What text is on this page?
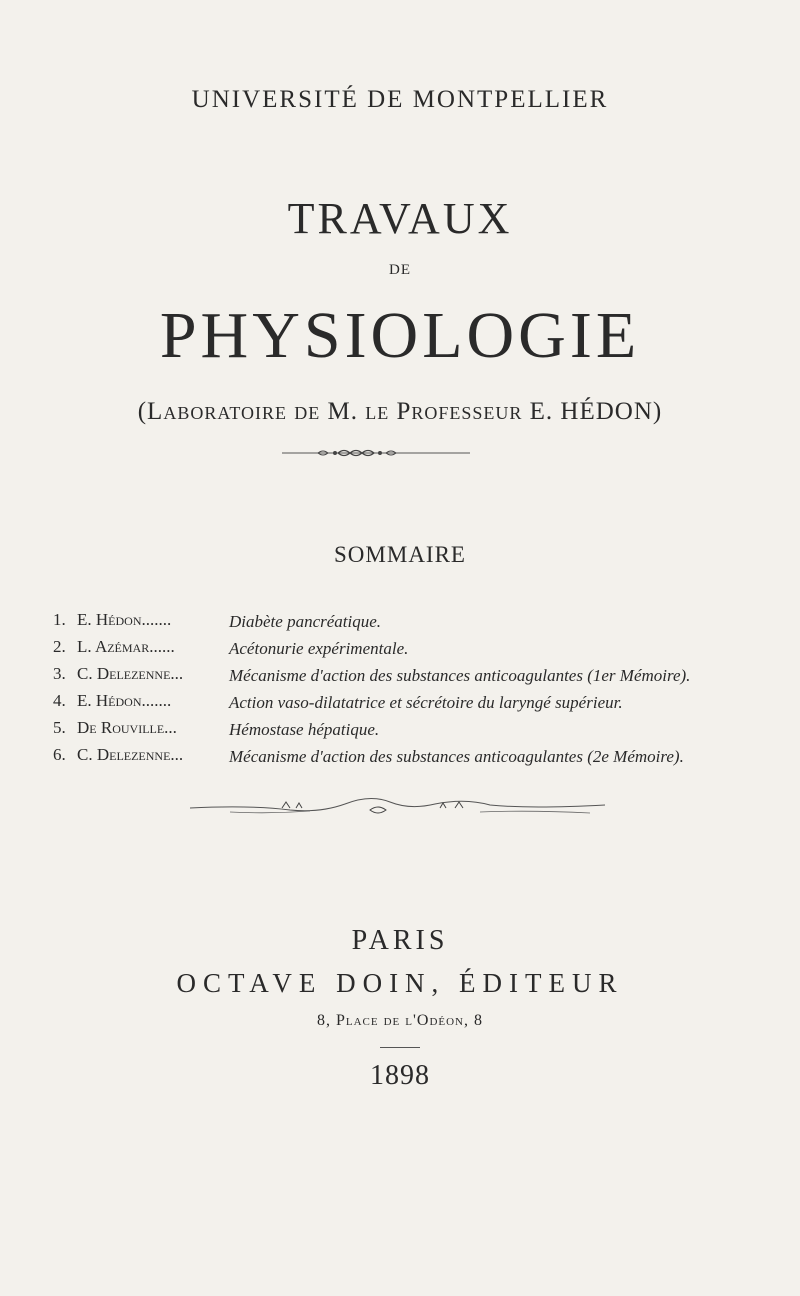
UNIVERSITÉ DE MONTPELLIER
TRAVAUX
DE
PHYSIOLOGIE
(Laboratoire de M. le Professeur E. HÉDON)
SOMMAIRE
1. E. Hédon.......	Diabète pancréatique.
2. L. Azémar......	Acétonurie expérimentale.
3. C. Delezenne...	Mécanisme d'action des substances anticoagulantes (1er Mémoire).
4. E. Hédon.......	Action vaso-dilatatrice et sécrétoire du laryngé supérieur.
5. De Rouville...	Hémostase hépatique.
6. C. Delezenne...	Mécanisme d'action des substances anticoagulantes (2e Mémoire).
PARIS
OCTAVE DOIN, ÉDITEUR
8, Place de l'Odéon, 8
1898
